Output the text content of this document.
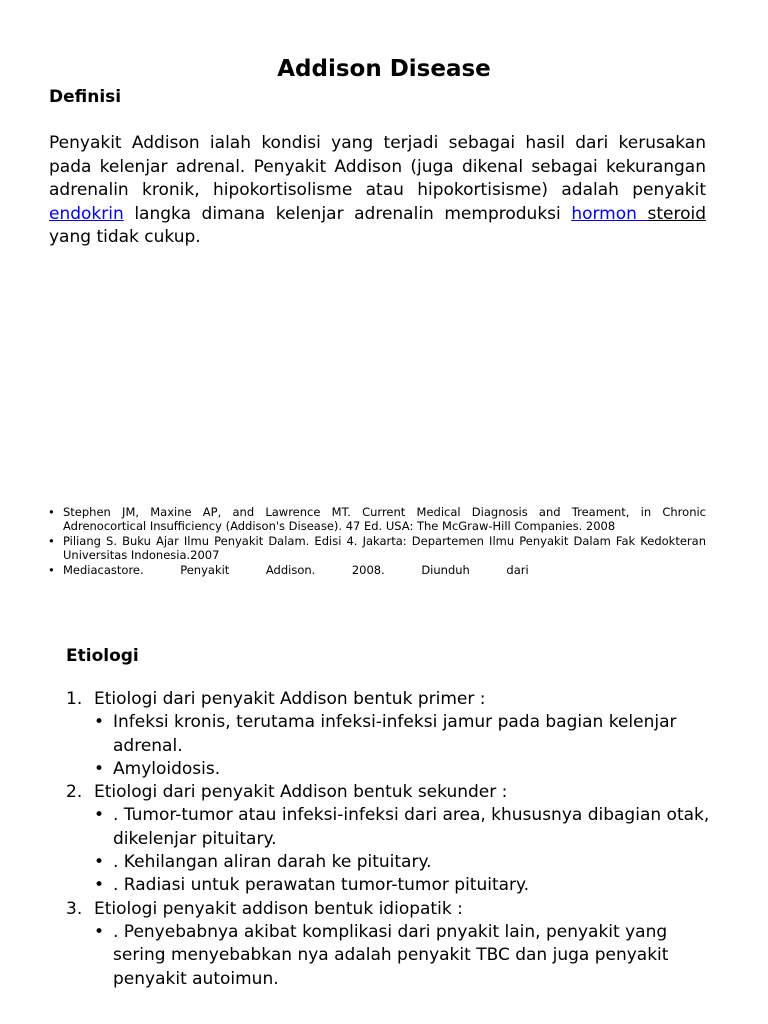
Addison Disease
Definisi

Penyakit Addison ialah kondisi yang terjadi sebagai hasil dari kerusakan pada kelenjar adrenal. Penyakit Addison (juga dikenal sebagai kekurangan adrenalin kronik, hipokortisolisme atau hipokortisisme) adalah penyakit endokrin langka dimana kelenjar adrenalin memproduksi hormon steroid yang tidak cukup.

• Stephen JM, Maxine AP, and Lawrence MT. Current Medical Diagnosis and Treament, in Chronic
Adrenocortical Insufficiency (Addison's Disease). 47 Ed. USA: The McGraw-Hill Companies. 2008
• Piliang S. Buku Ajar Ilmu Penyakit Dalam. Edisi 4. Jakarta: Departemen Ilmu Penyakit Dalam Fak Kedokteran
Universitas Indonesia.2007
• Mediacastore.          Penyakit          Addison.          2008.          Diunduh          dari
Etiologi
1. Etiologi dari penyakit Addison bentuk primer :
• Infeksi kronis, terutama infeksi-infeksi jamur pada bagian kelenjar adrenal.
• Amyloidosis.
2. Etiologi dari penyakit Addison bentuk sekunder :
• . Tumor-tumor atau infeksi-infeksi dari area, khususnya dibagian otak, dikelenjar pituitary.
• . Kehilangan aliran darah ke pituitary.
• . Radiasi untuk perawatan tumor-tumor pituitary.
3. Etiologi penyakit addison bentuk idiopatik :
• . Penyebabnya akibat komplikasi dari pnyakit lain, penyakit yang sering menyebabkan nya adalah penyakit TBC dan juga penyakit penyakit autoimun.
